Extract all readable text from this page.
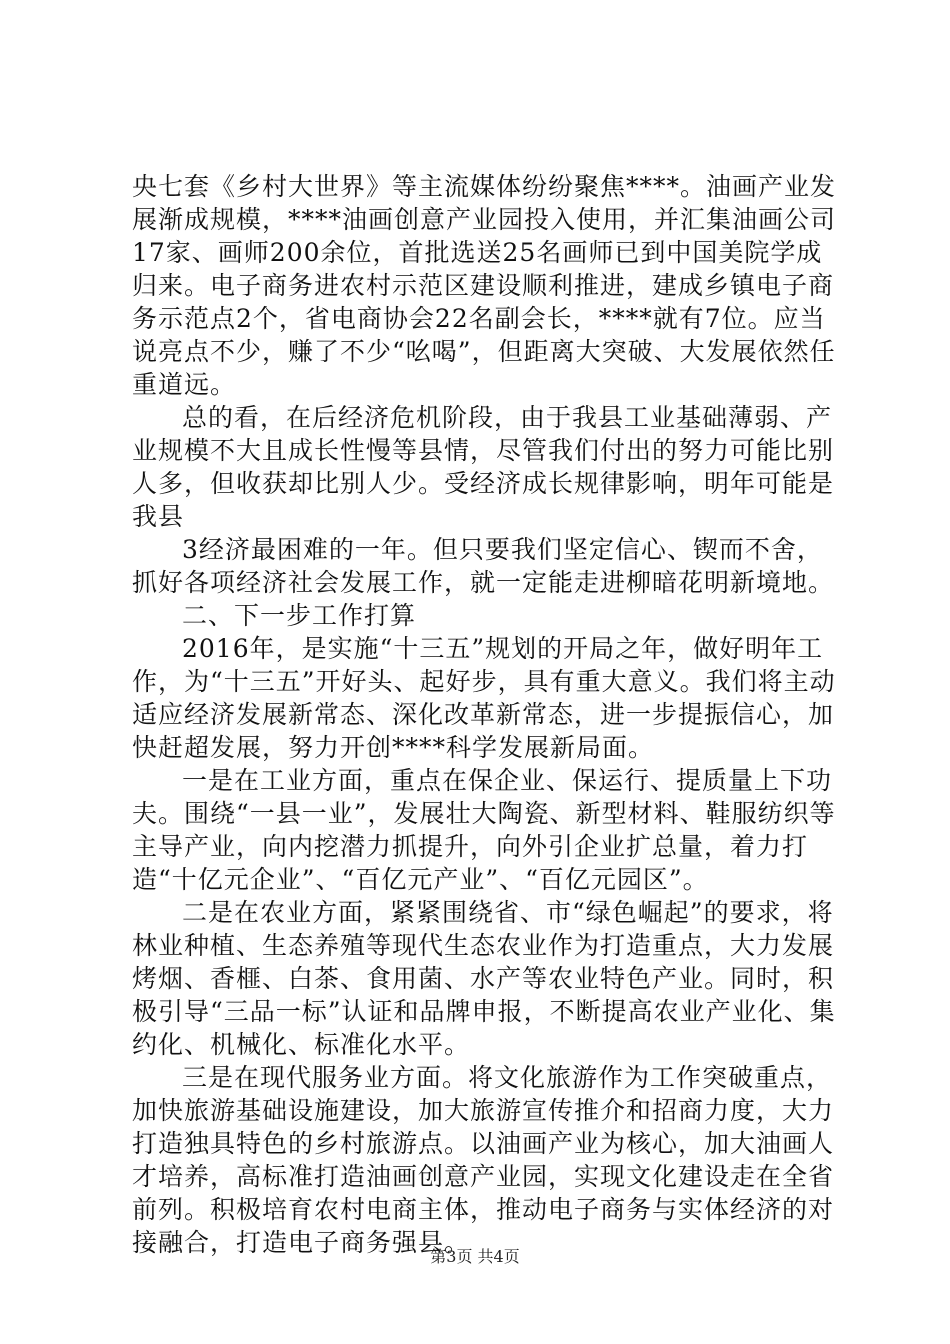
央七套《乡村大世界》等主流媒体纷纷聚焦****。油画产业发展渐成规模，****油画创意产业园投入使用，并汇集油画公司17家、画师200余位，首批选送25名画师已到中国美院学成归来。电子商务进农村示范区建设顺利推进，建成乡镇电子商务示范点2个，省电商协会22名副会长，****就有7位。应当说亮点不少，赚了不少“吆喝”，但距离大突破、大发展依然任重道远。

总的看，在后经济危机阶段，由于我县工业基础薄弱、产业规模不大且成长性慢等县情，尽管我们付出的努力可能比别人多，但收获却比别人少。受经济成长规律影响，明年可能是我县

3经济最困难的一年。但只要我们坚定信心、锲而不舍，抓好各项经济社会发展工作，就一定能走进柳暗花明新境地。

二、下一步工作打算

2016年，是实施“十三五”规划的开局之年，做好明年工作，为“十三五”开好头、起好步，具有重大意义。我们将主动适应经济发展新常态、深化改革新常态，进一步提振信心，加快赶超发展，努力开创****科学发展新局面。

一是在工业方面，重点在保企业、保运行、提质量上下功夫。围绕“一县一业”，发展壮大陶瓷、新型材料、鞋服纺织等主导产业，向内挖潜力抓提升，向外引企业扩总量，着力打造“十亿元企业”、“百亿元产业”、“百亿元园区”。

二是在农业方面，紧紧围绕省、市“绿色崛起”的要求，将林业种植、生态养殖等现代生态农业作为打造重点，大力发展烤烟、香榧、白茶、食用菌、水产等农业特色产业。同时，积极引导“三品一标”认证和品牌申报，不断提高农业产业化、集约化、机械化、标准化水平。

三是在现代服务业方面。将文化旅游作为工作突破重点，加快旅游基础设施建设，加大旅游宣传推介和招商力度，大力打造独具特色的乡村旅游点。以油画产业为核心，加大油画人才培养，高标准打造油画创意产业园，实现文化建设走在全省前列。积极培育农村电商主体，推动电子商务与实体经济的对接融合，打造电子商务强县。

第3页 共4页
